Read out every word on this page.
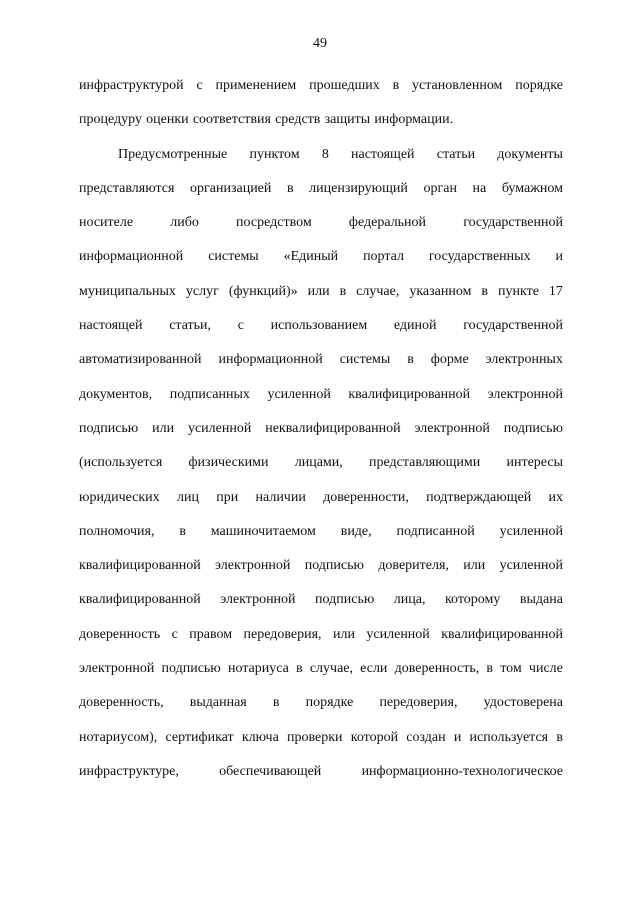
49
инфраструктурой с применением прошедших в установленном порядке
процедуру оценки соответствия средств защиты информации.
Предусмотренные пунктом 8 настоящей статьи документы
представляются организацией в лицензирующий орган на бумажном
носителе	либо	посредством	федеральной	государственной
информационной системы «Единый портал государственных и
муниципальных услуг (функций)» или в случае, указанном в пункте 17
настоящей статьи, с использованием единой государственной
автоматизированной информационной системы в форме электронных
документов, подписанных усиленной квалифицированной электронной
подписью или усиленной неквалифицированной электронной подписью
(используется физическими лицами, представляющими интересы
юридических лиц при наличии доверенности, подтверждающей их
полномочия, в машиночитаемом виде, подписанной усиленной
квалифицированной электронной подписью доверителя, или усиленной
квалифицированной электронной подписью лица, которому выдана
доверенность с правом передоверия, или усиленной квалифицированной
электронной подписью нотариуса в случае, если доверенность, в том числе
доверенность, выданная в порядке передоверия, удостоверена
нотариусом), сертификат ключа проверки которой создан и используется в
инфраструктуре,	обеспечивающей	информационно-технологическое
